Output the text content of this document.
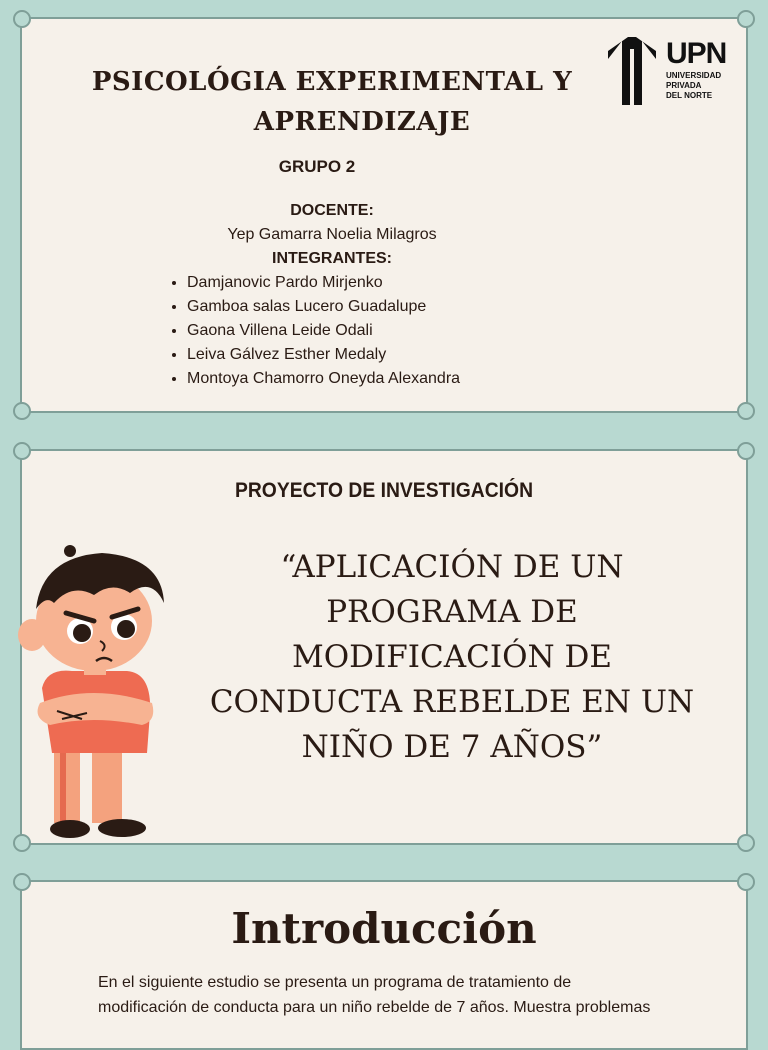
PSICOLÓGIA EXPERIMENTAL Y
APRENDIZAJE
UPN
UNIVERSIDAD
PRIVADA
DEL NORTE
GRUPO 2
DOCENTE:
Yep Gamarra Noelia Milagros
INTEGRANTES:
• Damjanovic Pardo Mirjenko
• Gamboa salas Lucero Guadalupe
• Gaona Villena Leide Odali
• Leiva Gálvez Esther Medaly
• Montoya Chamorro Oneyda Alexandra
PROYECTO DE INVESTIGACIÓN
“APLICACIÓN DE UN
PROGRAMA DE
MODIFICACIÓN DE
CONDUCTA REBELDE EN UN
NIÑO DE 7 AÑOS”
Introducción
En el siguiente estudio se presenta un programa de tratamiento de
modificación de conducta para un niño rebelde de 7 años. Muestra problemas
